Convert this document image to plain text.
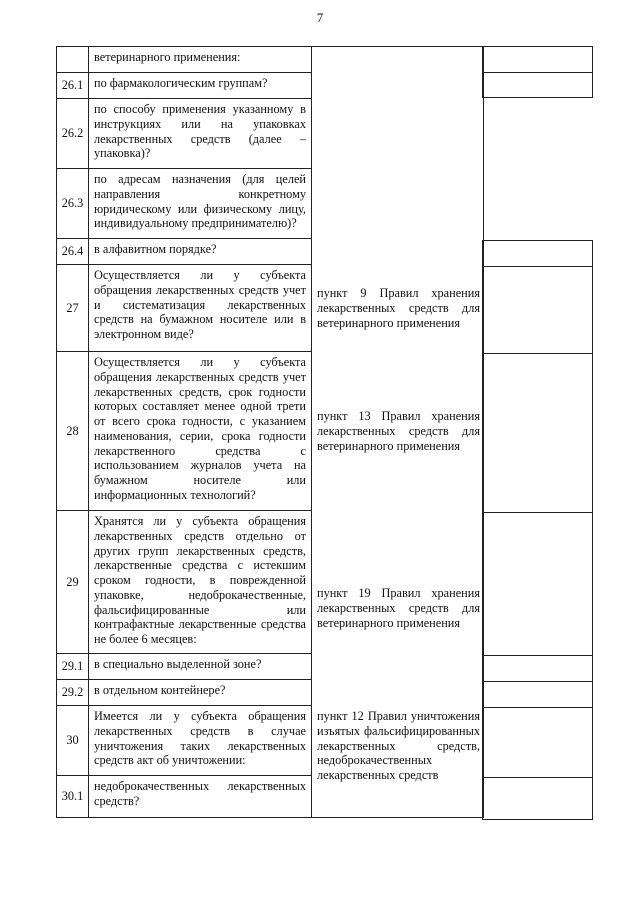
7
	ветеринарного применения:	
26.1	по фармакологическим группам?	
26.2	по способу применения указанному в инструкциях или на упаковках лекарственных средств (далее – упаковка)?	
26.3	по адресам назначения (для целей направления конкретному юридическому или физическому лицу, индивидуальному предпринимателю)?	
26.4	в алфавитном порядке?	
27	Осуществляется ли у субъекта обращения лекарственных средств учет и систематизация лекарственных средств на бумажном носителе или в электронном виде?	пункт 9 Правил хранения лекарственных средств для ветеринарного применения
28	Осуществляется ли у субъекта обращения лекарственных средств учет лекарственных средств, срок годности которых составляет менее одной трети от всего срока годности, с указанием наименования, серии, срока годности лекарственного средства с использованием журналов учета на бумажном носителе или информационных технологий?	пункт 13 Правил хранения лекарственных средств для ветеринарного применения
29	Хранятся ли у субъекта обращения лекарственных средств отдельно от других групп лекарственных средств, лекарственные средства с истекшим сроком годности, в поврежденной упаковке, недоброкачественные, фальсифицированные или контрафактные лекарственные средства не более 6 месяцев:	пункт 19 Правил хранения лекарственных средств для ветеринарного применения
29.1	в специально выделенной зоне?	
29.2	в отдельном контейнере?	
30	Имеется ли у субъекта обращения лекарственных средств в случае уничтожения таких лекарственных средств акт об уничтожении:	пункт 12 Правил уничтожения изъятых фальсифицированных лекарственных средств, недоброкачественных лекарственных средств
30.1	недоброкачественных лекарственных средств?	
